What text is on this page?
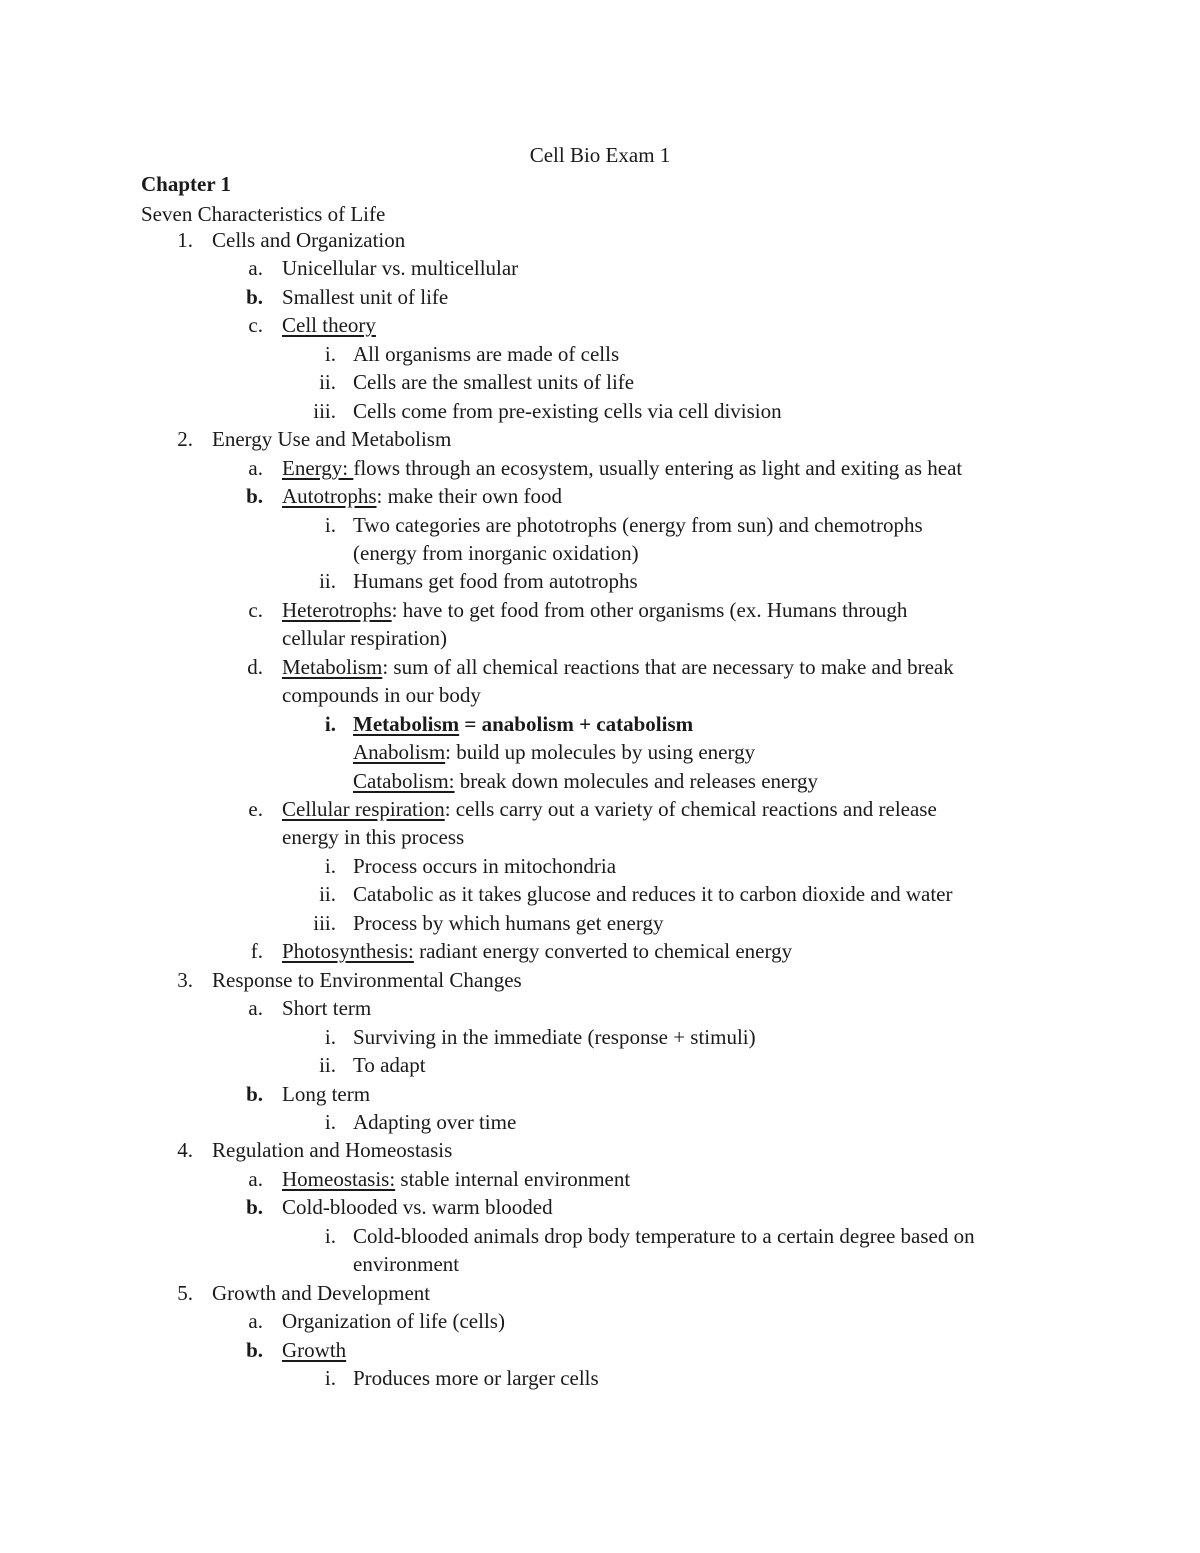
Cell Bio Exam 1
Chapter 1
Seven Characteristics of Life
1. Cells and Organization
a. Unicellular vs. multicellular
b. Smallest unit of life
c. Cell theory
i. All organisms are made of cells
ii. Cells are the smallest units of life
iii. Cells come from pre-existing cells via cell division
2. Energy Use and Metabolism
a. Energy: flows through an ecosystem, usually entering as light and exiting as heat
b. Autotrophs: make their own food
i. Two categories are phototrophs (energy from sun) and chemotrophs
(energy from inorganic oxidation)
ii. Humans get food from autotrophs
c. Heterotrophs: have to get food from other organisms (ex. Humans through
cellular respiration)
d. Metabolism: sum of all chemical reactions that are necessary to make and break
compounds in our body
i. Metabolism = anabolism + catabolism
Anabolism: build up molecules by using energy
Catabolism: break down molecules and releases energy
e. Cellular respiration: cells carry out a variety of chemical reactions and release
energy in this process
i. Process occurs in mitochondria
ii. Catabolic as it takes glucose and reduces it to carbon dioxide and water
iii. Process by which humans get energy
f. Photosynthesis: radiant energy converted to chemical energy
3. Response to Environmental Changes
a. Short term
i. Surviving in the immediate (response + stimuli)
ii. To adapt
b. Long term
i. Adapting over time
4. Regulation and Homeostasis
a. Homeostasis: stable internal environment
b. Cold-blooded vs. warm blooded
i. Cold-blooded animals drop body temperature to a certain degree based on
environment
5. Growth and Development
a. Organization of life (cells)
b. Growth
i. Produces more or larger cells
